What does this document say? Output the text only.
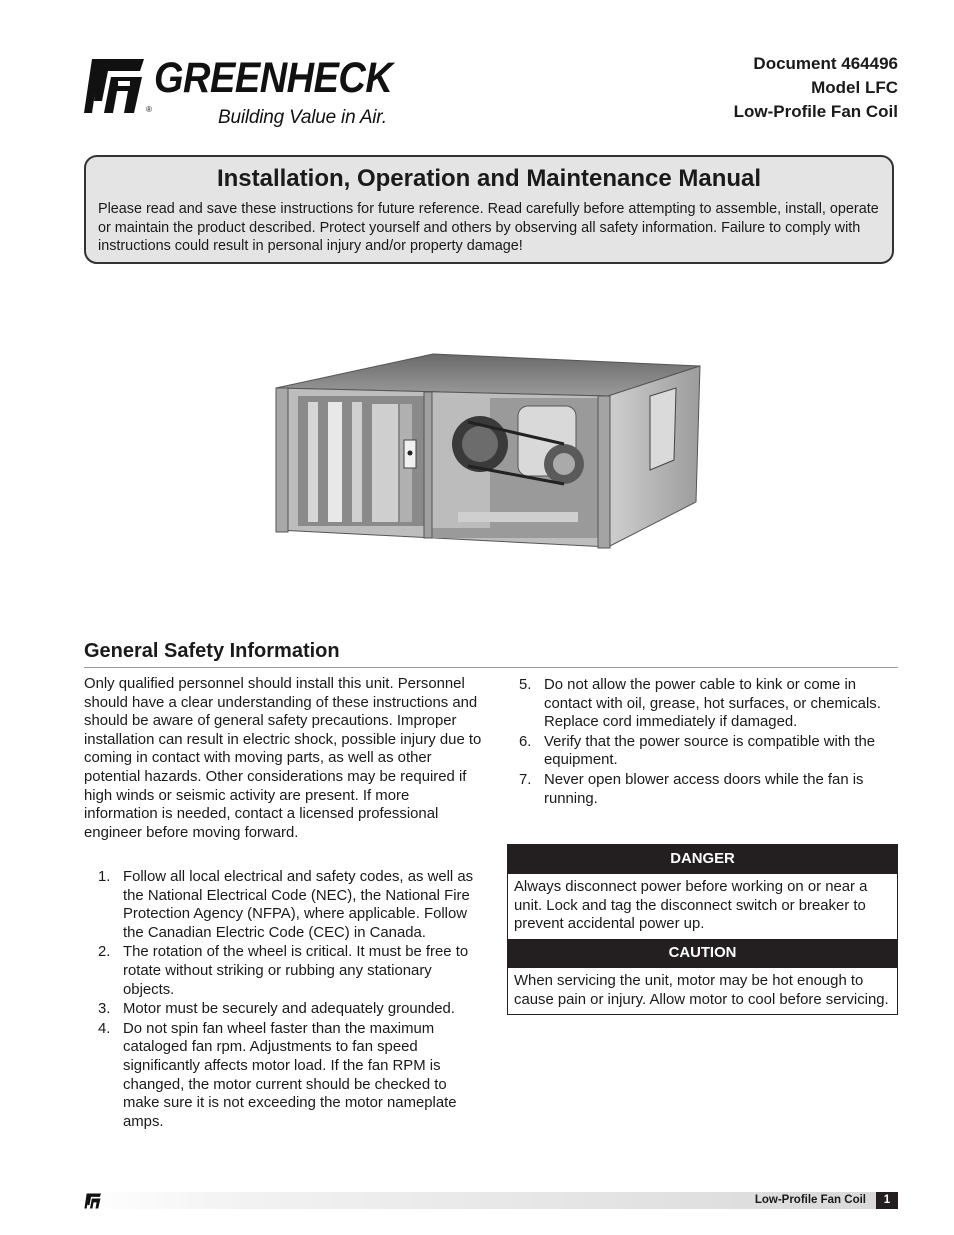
GREENHECK
®	Building Value in Air.
Document 464496
Model LFC
Low-Profile Fan Coil
Installation, Operation and Maintenance Manual
Please read and save these instructions for future reference. Read carefully before attempting to assemble, install, operate or maintain the product described. Protect yourself and others by observing all safety information. Failure to comply with instructions could result in personal injury and/or property damage!
General Safety Information
Only qualified personnel should install this unit. Personnel should have a clear understanding of these instructions and should be aware of general safety precautions. Improper installation can result in electric shock, possible injury due to coming in contact with moving parts, as well as other potential hazards. Other considerations may be required if high winds or seismic activity are present. If more information is needed, contact a licensed professional engineer before moving forward.
1. Follow all local electrical and safety codes, as well as the National Electrical Code (NEC), the National Fire Protection Agency (NFPA), where applicable. Follow the Canadian Electric Code (CEC) in Canada.
2. The rotation of the wheel is critical. It must be free to rotate without striking or rubbing any stationary objects.
3. Motor must be securely and adequately grounded.
4. Do not spin fan wheel faster than the maximum cataloged fan rpm. Adjustments to fan speed significantly affects motor load. If the fan RPM is changed, the motor current should be checked to make sure it is not exceeding the motor nameplate amps.
5. Do not allow the power cable to kink or come in contact with oil, grease, hot surfaces, or chemicals. Replace cord immediately if damaged.
6. Verify that the power source is compatible with the equipment.
7. Never open blower access doors while the fan is running.
DANGER
Always disconnect power before working on or near a unit. Lock and tag the disconnect switch or breaker to prevent accidental power up.
CAUTION
When servicing the unit, motor may be hot enough to cause pain or injury. Allow motor to cool before servicing.
Low-Profile Fan Coil	1
